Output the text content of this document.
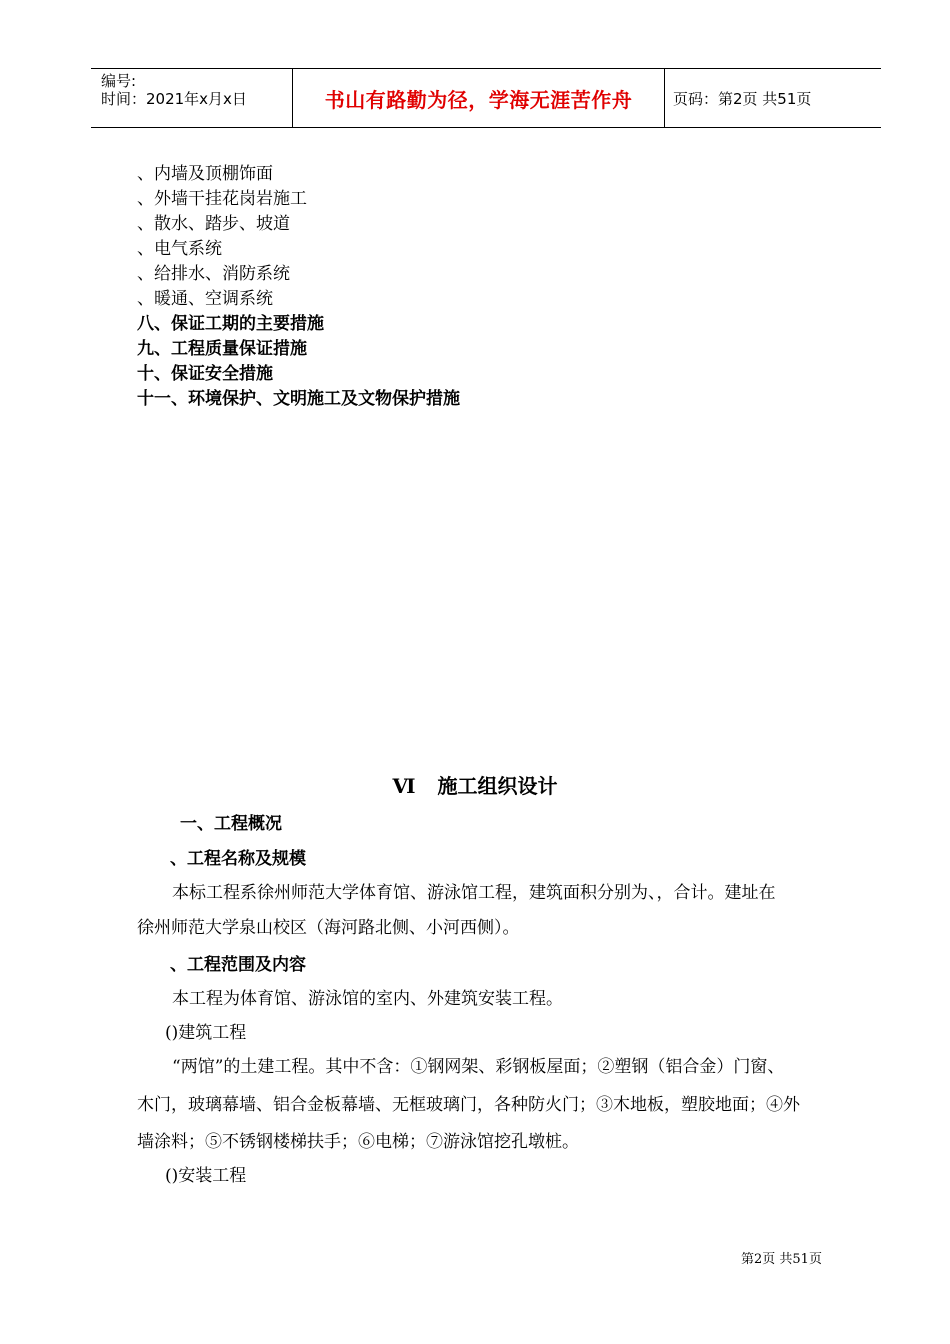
编号:
时间：2021年x月x日	书山有路勤为径，学海无涯苦作舟	页码：第2页 共51页
、内墙及顶棚饰面
、外墙干挂花岗岩施工
、散水、踏步、坡道
、电气系统
、给排水、消防系统
、暖通、空调系统
八、保证工期的主要措施
九、工程质量保证措施
十、保证安全措施
十一、环境保护、文明施工及文物保护措施
Ⅵ 施工组织设计
一、工程概况
、工程名称及规模
本标工程系徐州师范大学体育馆、游泳馆工程，建筑面积分别为、，合计。建址在
徐州师范大学泉山校区（海河路北侧、小河西侧）。
、工程范围及内容
本工程为体育馆、游泳馆的室内、外建筑安装工程。
()建筑工程
“两馆”的土建工程。其中不含：①钢网架、彩钢板屋面；②塑钢（铝合金）门窗、
木门，玻璃幕墙、铝合金板幕墙、无框玻璃门，各种防火门；③木地板，塑胶地面；④外
墙涂料；⑤不锈钢楼梯扶手；⑥电梯；⑦游泳馆挖孔墩桩。
()安装工程
第2页 共51页
